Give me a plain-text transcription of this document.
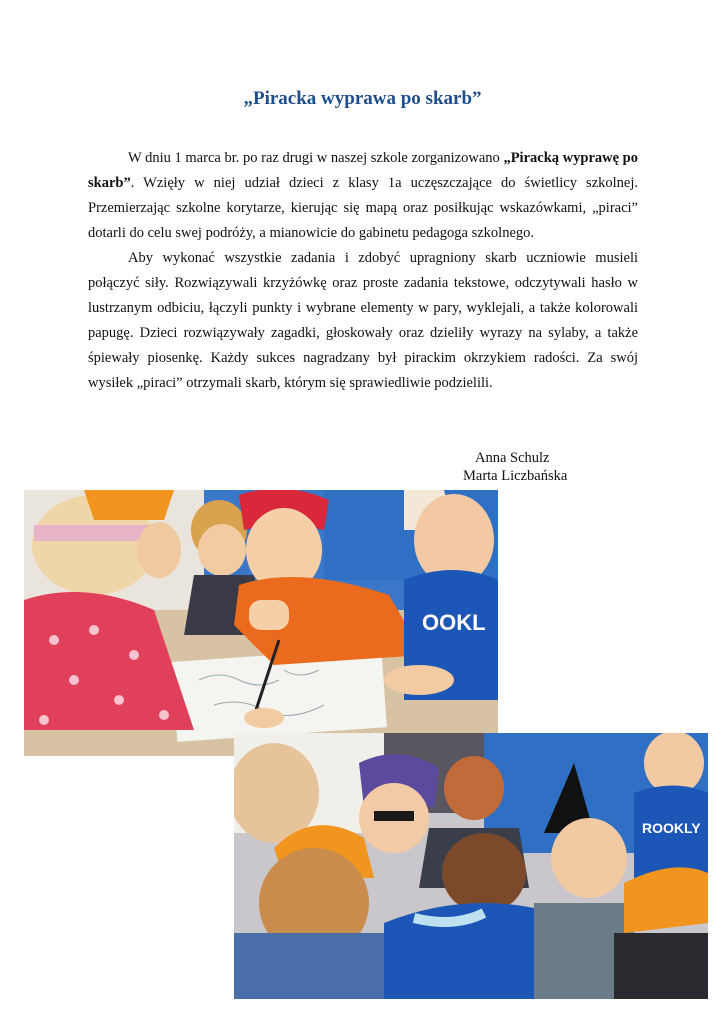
„Piracka wyprawa po skarb”

W dniu 1 marca br. po raz drugi w naszej szkole zorganizowano „Piracką wyprawę po skarb”. Wzięły w niej udział dzieci z klasy 1a uczęszczające do świetlicy szkolnej. Przemierzając szkolne korytarze, kierując się mapą oraz posiłkując wskazówkami, „piraci” dotarli do celu swej podróży, a mianowicie do gabinetu pedagoga szkolnego.

Aby wykonać wszystkie zadania i zdobyć upragniony skarb uczniowie musieli połączyć siły. Rozwiązywali krzyżówkę oraz proste zadania tekstowe, odczytywali hasło w lustrzanym odbiciu, łączyli punkty i wybrane elementy w pary, wyklejali, a także kolorowali papugę. Dzieci rozwiązywały zagadki, głoskowały oraz dzieliły wyrazy na sylaby, a także śpiewały piosenkę. Każdy sukces nagradzany był pirackim okrzykiem radości. Za swój wysiłek „piraci” otrzymali skarb, którym się sprawiedliwie podzielili.

Anna Schulz
Marta Liczbańska
OOKL
ROOKLY
